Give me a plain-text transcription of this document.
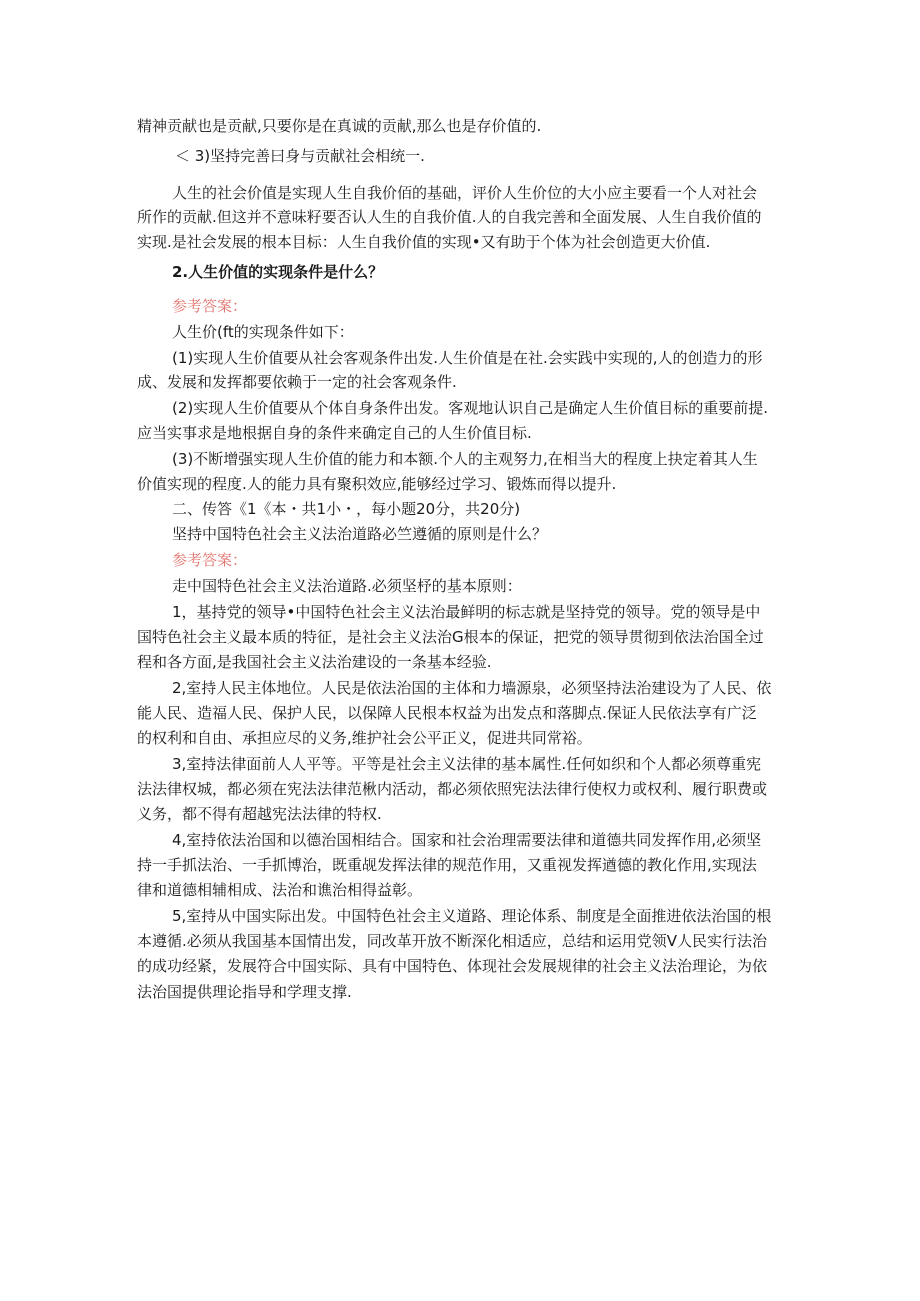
精神贡献也是贡献,只要你是在真诚的贡献,那么也是存价值的.
＜ 3)坚持完善曰身与贡献社会相统一.
人生的社会价值是实现人生自我价佰的基础，评价人生价位的大小应主要看一个人对社会
所作的贡献.但这并不意味籽要否认人生的自我价值.人的自我完善和全面发展、人生自我价值的
实现.是社会发展的根本目标：人生自我价值的实现•又有助于个体为社会创造更大价值.
2.人生价值的实现条件是什么？
参考答案：
人生价(ft的实现条件如下：
(1)实现人生价值要从社会客观条件出发.人生价值是在社.会实践中实现的,人的创造力的形
成、发展和发挥都要依赖于一定的社会客观条件.
(2)实现人生价值要从个体自身条件出发。客观地认识自己是确定人生价值目标的重要前提.
应当实事求是地根据自身的条件来确定自己的人生价值目标.
(3)不断增强实现人生价值的能力和本额.个人的主观努力,在相当大的程度上抉定着其人生
价值实现的程度.人的能力具有聚积效应,能够经过学习、锻炼而得以提升.
二、传答《1《本・共1小・，每小题20分，共20分)
坚持中国特色社会主义法治道路必竺遵循的原则是什么？
参考答案：
走中国特色社会主义法治道路.必须坚杼的基本原则：
1，基持党的领导•中国特色社会主义法治最鲜明的标志就是坚持党的领导。党的领导是中
国特色社会主义最本质的特征，是社会主义法治G根本的保证，把党的领导贯彻到依法治国全过
程和各方面,是我国社会主义法治建设的一条基本经验.
2,室持人民主体地位。人民是依法治国的主体和力墙源泉，必须坚持法治建设为了人民、依
能人民、造福人民、保护人民，以保障人民根本权益为出发点和落脚点.保证人民依法享有广泛
的权利和自由、承担应尽的义务,维护社会公平正义，促进共同常裕。
3,室持法律面前人人平等。平等是社会主义法律的基本属性.任何如织和个人都必须尊重宪
法法律权城，都必须在宪法法律范楸内活动，都必须依照宪法法律行使权力或权利、履行职费或
义务，都不得有超越宪法法律的特权.
4,室持依法治国和以德治国相结合。国家和社会治理需要法律和道德共同发挥作用,必须坚
持一手抓法治、一手抓博治，既重觇发挥法律的规范作用，又重视发挥遒德的教化作用,实现法
律和道德相辅相成、法治和谯治相得益彰。
5,室持从中国实际出发。中国特色社会主义道路、理论体系、制度是全面推进依法治国的根
本遵循.必须从我国基本国情出发，同改革开放不断深化相适应，总结和运用党领V人民实行法治
的成功经紧，发展符合中国实际、具有中国特色、体现社会发展规律的社会主义法治理论，为依
法治国提供理论指导和学理支撑.
